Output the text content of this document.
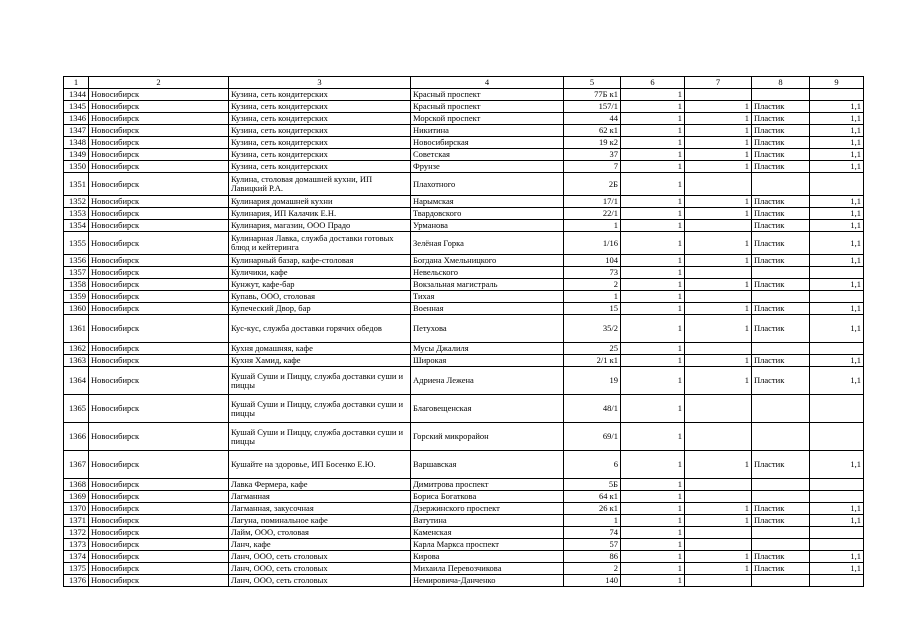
1	2	3	4	5	6	7	8	9
1344	Новосибирск	Кузина, сеть кондитерских	Красный проспект	77Б к1	1			
1345	Новосибирск	Кузина, сеть кондитерских	Красный проспект	157/1	1	1	Пластик	1,1
1346	Новосибирск	Кузина, сеть кондитерских	Морской проспект	44	1	1	Пластик	1,1
1347	Новосибирск	Кузина, сеть кондитерских	Никитина	62 к1	1	1	Пластик	1,1
1348	Новосибирск	Кузина, сеть кондитерских	Новосибирская	19 к2	1	1	Пластик	1,1
1349	Новосибирск	Кузина, сеть кондитерских	Советская	37	1	1	Пластик	1,1
1350	Новосибирск	Кузина, сеть кондитерских	Фрунзе	7	1	1	Пластик	1,1
1351	Новосибирск	Кулина, столовая домашней кухни, ИП Лавицкий Р.А.	Плахотного	2Б	1			
1352	Новосибирск	Кулинария домашней кухни	Нарымская	17/1	1	1	Пластик	1,1
1353	Новосибирск	Кулинария, ИП Калачик Е.Н.	Твардовского	22/1	1	1	Пластик	1,1
1354	Новосибирск	Кулинария, магазин, ООО Прадо	Урманова	1	1		Пластик	1,1
1355	Новосибирск	Кулинарная Лавка, служба доставки готовых блюд и кейтеринга	Зелёная Горка	1/16	1	1	Пластик	1,1
1356	Новосибирск	Кулинарный базар, кафе-столовая	Богдана Хмельницкого	104	1	1	Пластик	1,1
1357	Новосибирск	Куличики, кафе	Невельского	73	1			
1358	Новосибирск	Кунжут, кафе-бар	Вокзальная магистраль	2	1	1	Пластик	1,1
1359	Новосибирск	Купавь, ООО, столовая	Тихая	1	1			
1360	Новосибирск	Купеческий Двор, бар	Военная	15	1	1	Пластик	1,1
1361	Новосибирск	Кус-кус, служба доставки горячих обедов	Петухова	35/2	1	1	Пластик	1,1
1362	Новосибирск	Кухня домашняя, кафе	Мусы Джалиля	25	1			
1363	Новосибирск	Кухня Хамид, кафе	Широкая	2/1 к1	1	1	Пластик	1,1
1364	Новосибирск	Кушай Суши и Пиццу, служба доставки суши и пиццы	Адриена Лежена	19	1	1	Пластик	1,1
1365	Новосибирск	Кушай Суши и Пиццу, служба доставки суши и пиццы	Благовещенская	48/1	1			
1366	Новосибирск	Кушай Суши и Пиццу, служба доставки суши и пиццы	Горский микрорайон	69/1	1			
1367	Новосибирск	Кушайте на здоровье, ИП Босенко Е.Ю.	Варшавская	6	1	1	Пластик	1,1
1368	Новосибирск	Лавка Фермера, кафе	Димитрова проспект	5Б	1			
1369	Новосибирск	Лагманная	Бориса Богаткова	64 к1	1			
1370	Новосибирск	Лагманная, закусочная	Дзержинского проспект	26 к1	1	1	Пластик	1,1
1371	Новосибирск	Лагуна, поминальное кафе	Ватутина	1	1	1	Пластик	1,1
1372	Новосибирск	Лайм, ООО, столовая	Каменская	74	1			
1373	Новосибирск	Ланч, кафе	Карла Маркса проспект	57	1			
1374	Новосибирск	Ланч, ООО, сеть столовых	Кирова	86	1	1	Пластик	1,1
1375	Новосибирск	Ланч, ООО, сеть столовых	Михаила Перевозчикова	2	1	1	Пластик	1,1
1376	Новосибирск	Ланч, ООО, сеть столовых	Немировича-Данченко	140	1			
